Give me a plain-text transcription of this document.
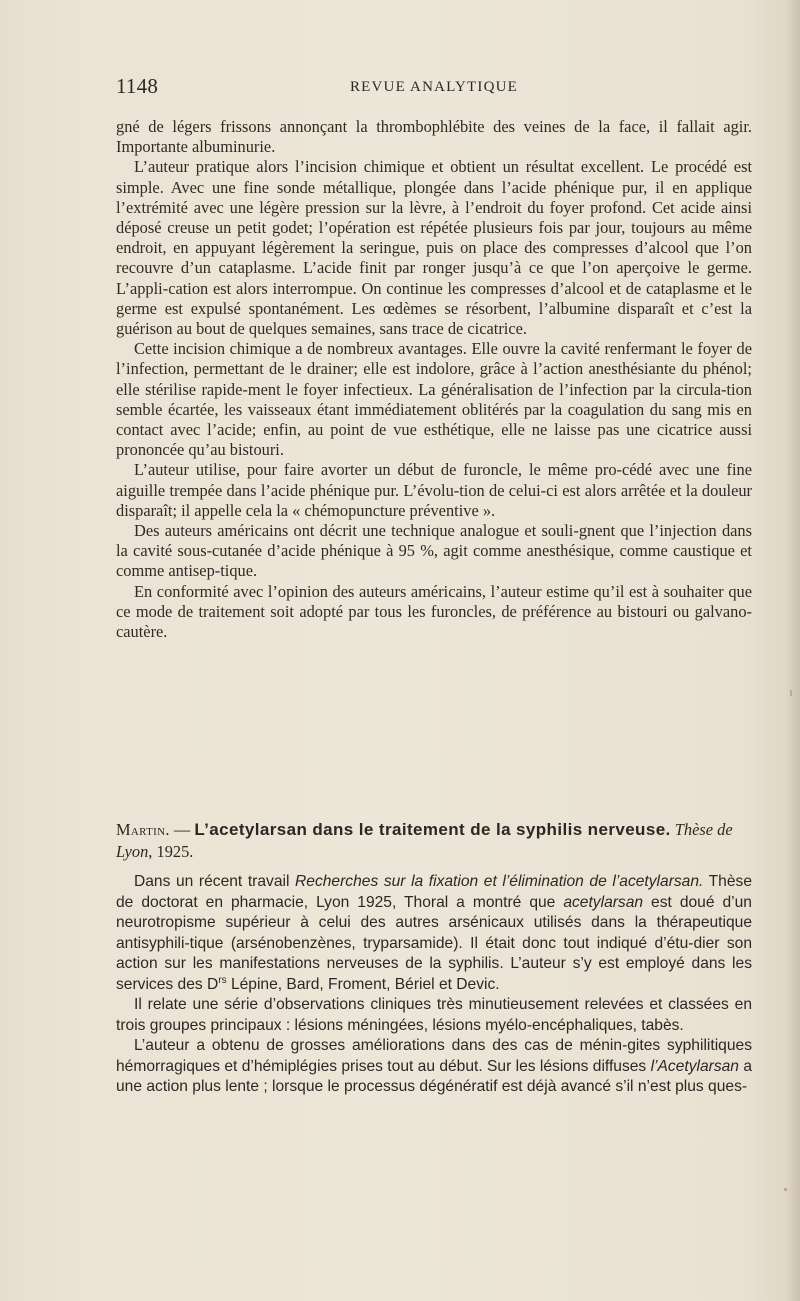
1148	REVUE ANALYTIQUE

gné de légers frissons annonçant la thrombophlébite des veines de la face, il fallait agir. Importante albuminurie.

L’auteur pratique alors l’incision chimique et obtient un résultat excellent. Le procédé est simple. Avec une fine sonde métallique, plongée dans l’acide phénique pur, il en applique l’extrémité avec une légère pression sur la lèvre, à l’endroit du foyer profond. Cet acide ainsi déposé creuse un petit godet; l’opération est répétée plusieurs fois par jour, toujours au même endroit, en appuyant légèrement la seringue, puis on place des compresses d’alcool que l’on recouvre d’un cataplasme. L’acide finit par ronger jusqu’à ce que l’on aperçoive le germe. L’appli-cation est alors interrompue. On continue les compresses d’alcool et de cataplasme et le germe est expulsé spontanément. Les œdèmes se résorbent, l’albumine disparaît et c’est la guérison au bout de quelques semaines, sans trace de cicatrice.

Cette incision chimique a de nombreux avantages. Elle ouvre la cavité renfermant le foyer de l’infection, permettant de le drainer; elle est indolore, grâce à l’action anesthésiante du phénol; elle stérilise rapide-ment le foyer infectieux. La généralisation de l’infection par la circula-tion semble écartée, les vaisseaux étant immédiatement oblitérés par la coagulation du sang mis en contact avec l’acide; enfin, au point de vue esthétique, elle ne laisse pas une cicatrice aussi prononcée qu’au bistouri.

L’auteur utilise, pour faire avorter un début de furoncle, le même pro-cédé avec une fine aiguille trempée dans l’acide phénique pur. L’évolu-tion de celui-ci est alors arrêtée et la douleur disparaît; il appelle cela la « chémopuncture préventive ».

Des auteurs américains ont décrit une technique analogue et souli-gnent que l’injection dans la cavité sous-cutanée d’acide phénique à 95 %, agit comme anesthésique, comme caustique et comme antisep-tique.

En conformité avec l’opinion des auteurs américains, l’auteur estime qu’il est à souhaiter que ce mode de traitement soit adopté par tous les furoncles, de préférence au bistouri ou galvano-cautère.

Martin. — L’acetylarsan dans le traitement de la syphilis nerveuse. Thèse de Lyon, 1925.

Dans un récent travail Recherches sur la fixation et l’élimination de l’acetylarsan. Thèse de doctorat en pharmacie, Lyon 1925, Thoral a montré que acetylarsan est doué d’un neurotropisme supérieur à celui des autres arsénicaux utilisés dans la thérapeutique antisyphili-tique (arsénobenzènes, tryparsamide). Il était donc tout indiqué d’étu-dier son action sur les manifestations nerveuses de la syphilis. L’auteur s’y est employé dans les services des $D^{rs}$ Lépine, Bard, Froment, Bériel et Devic.

Il relate une série d’observations cliniques très minutieusement relevées et classées en trois groupes principaux : lésions méningées, lésions myélo-encéphaliques, tabès.

L’auteur a obtenu de grosses améliorations dans des cas de ménin-gites syphilitiques hémorragiques et d’hémiplégies prises tout au début. Sur les lésions diffuses l’Acetylarsan a une action plus lente ; lorsque le processus dégénératif est déjà avancé s’il n’est plus ques-
